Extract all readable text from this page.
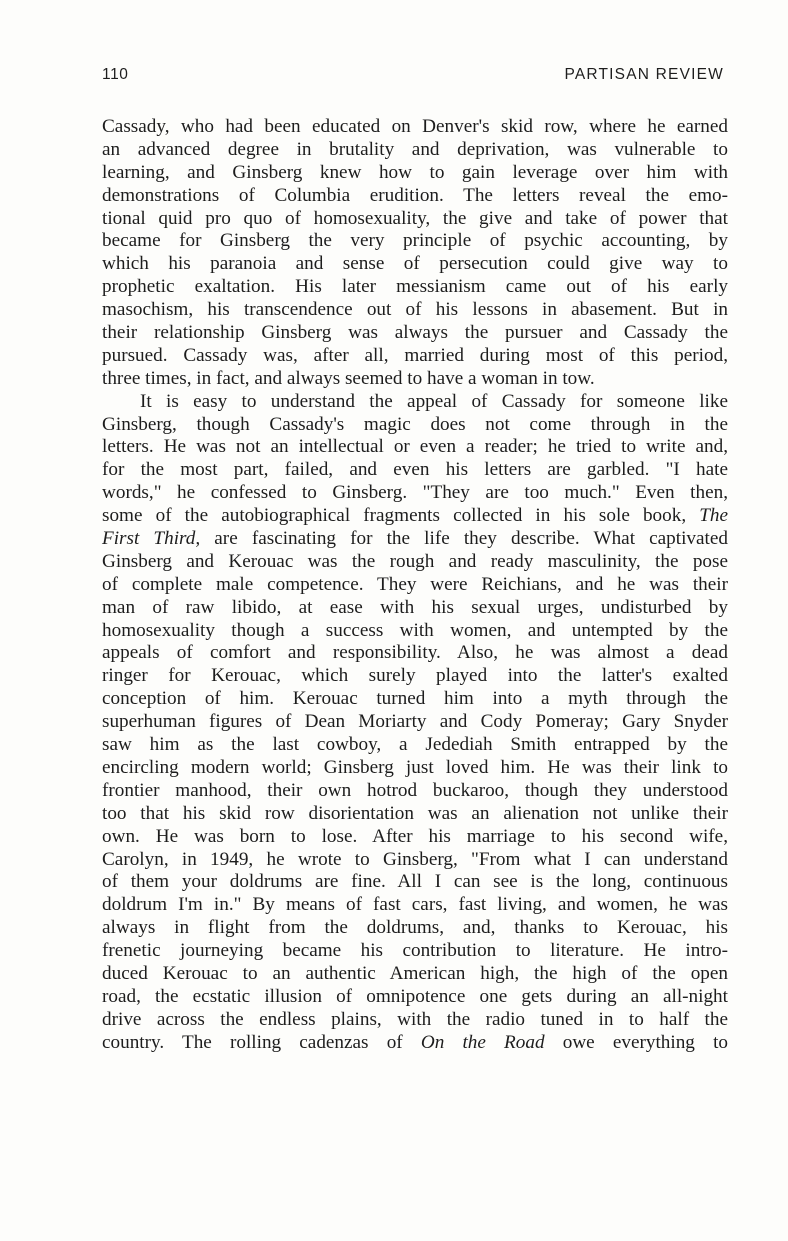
110	PARTISAN REVIEW
Cassady, who had been educated on Denver's skid row, where he earned
an advanced degree in brutality and deprivation, was vulnerable to
learning, and Ginsberg knew how to gain leverage over him with
demonstrations of Columbia erudition. The letters reveal the emo-
tional quid pro quo of homosexuality, the give and take of power that
became for Ginsberg the very principle of psychic accounting, by
which his paranoia and sense of persecution could give way to
prophetic exaltation. His later messianism came out of his early
masochism, his transcendence out of his lessons in abasement. But in
their relationship Ginsberg was always the pursuer and Cassady the
pursued. Cassady was, after all, married during most of this period,
three times, in fact, and always seemed to have a woman in tow.
It is easy to understand the appeal of Cassady for someone like
Ginsberg, though Cassady's magic does not come through in the
letters. He was not an intellectual or even a reader; he tried to write and,
for the most part, failed, and even his letters are garbled. "I hate
words," he confessed to Ginsberg. "They are too much." Even then,
some of the autobiographical fragments collected in his sole book, The
First Third, are fascinating for the life they describe. What captivated
Ginsberg and Kerouac was the rough and ready masculinity, the pose
of complete male competence. They were Reichians, and he was their
man of raw libido, at ease with his sexual urges, undisturbed by
homosexuality though a success with women, and untempted by the
appeals of comfort and responsibility. Also, he was almost a dead
ringer for Kerouac, which surely played into the latter's exalted
conception of him. Kerouac turned him into a myth through the
superhuman figures of Dean Moriarty and Cody Pomeray; Gary Snyder
saw him as the last cowboy, a Jedediah Smith entrapped by the
encircling modern world; Ginsberg just loved him. He was their link to
frontier manhood, their own hotrod buckaroo, though they understood
too that his skid row disorientation was an alienation not unlike their
own. He was born to lose. After his marriage to his second wife,
Carolyn, in 1949, he wrote to Ginsberg, "From what I can understand
of them your doldrums are fine. All I can see is the long, continuous
doldrum I'm in." By means of fast cars, fast living, and women, he was
always in flight from the doldrums, and, thanks to Kerouac, his
frenetic journeying became his contribution to literature. He intro-
duced Kerouac to an authentic American high, the high of the open
road, the ecstatic illusion of omnipotence one gets during an all-night
drive across the endless plains, with the radio tuned in to half the
country. The rolling cadenzas of On the Road owe everything to
